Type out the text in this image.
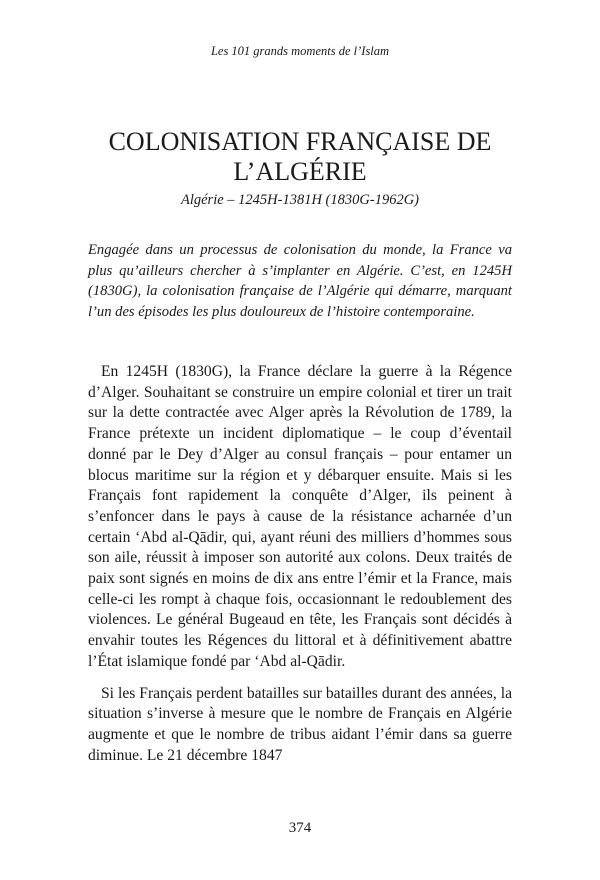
Les 101 grands moments de l’Islam
COLONISATION FRANÇAISE DE L’ALGÉRIE
Algérie – 1245H-1381H (1830G-1962G)

Engagée dans un processus de colonisation du monde, la France va plus qu’ailleurs chercher à s’implanter en Algérie. C’est, en 1245H (1830G), la colonisation française de l’Algérie qui démarre, marquant l’un des épisodes les plus douloureux de l’histoire contemporaine.

En 1245H (1830G), la France déclare la guerre à la Régence d’Alger. Souhaitant se construire un empire colonial et tirer un trait sur la dette contractée avec Alger après la Révolution de 1789, la France prétexte un incident diplomatique – le coup d’éventail donné par le Dey d’Alger au consul français – pour entamer un blocus maritime sur la région et y débarquer ensuite. Mais si les Français font rapidement la conquête d’Alger, ils peinent à s’enfoncer dans le pays à cause de la résistance acharnée d’un certain ‘Abd al-Qādir, qui, ayant réuni des milliers d’hommes sous son aile, réussit à imposer son autorité aux colons. Deux traités de paix sont signés en moins de dix ans entre l’émir et la France, mais celle-ci les rompt à chaque fois, occasionnant le redoublement des violences. Le général Bugeaud en tête, les Français sont décidés à envahir toutes les Régences du littoral et à définitivement abattre l’État islamique fondé par ‘Abd al-Qādir.

Si les Français perdent batailles sur batailles durant des années, la situation s’inverse à mesure que le nombre de Français en Algérie augmente et que le nombre de tribus aidant l’émir dans sa guerre diminue. Le 21 décembre 1847

374
